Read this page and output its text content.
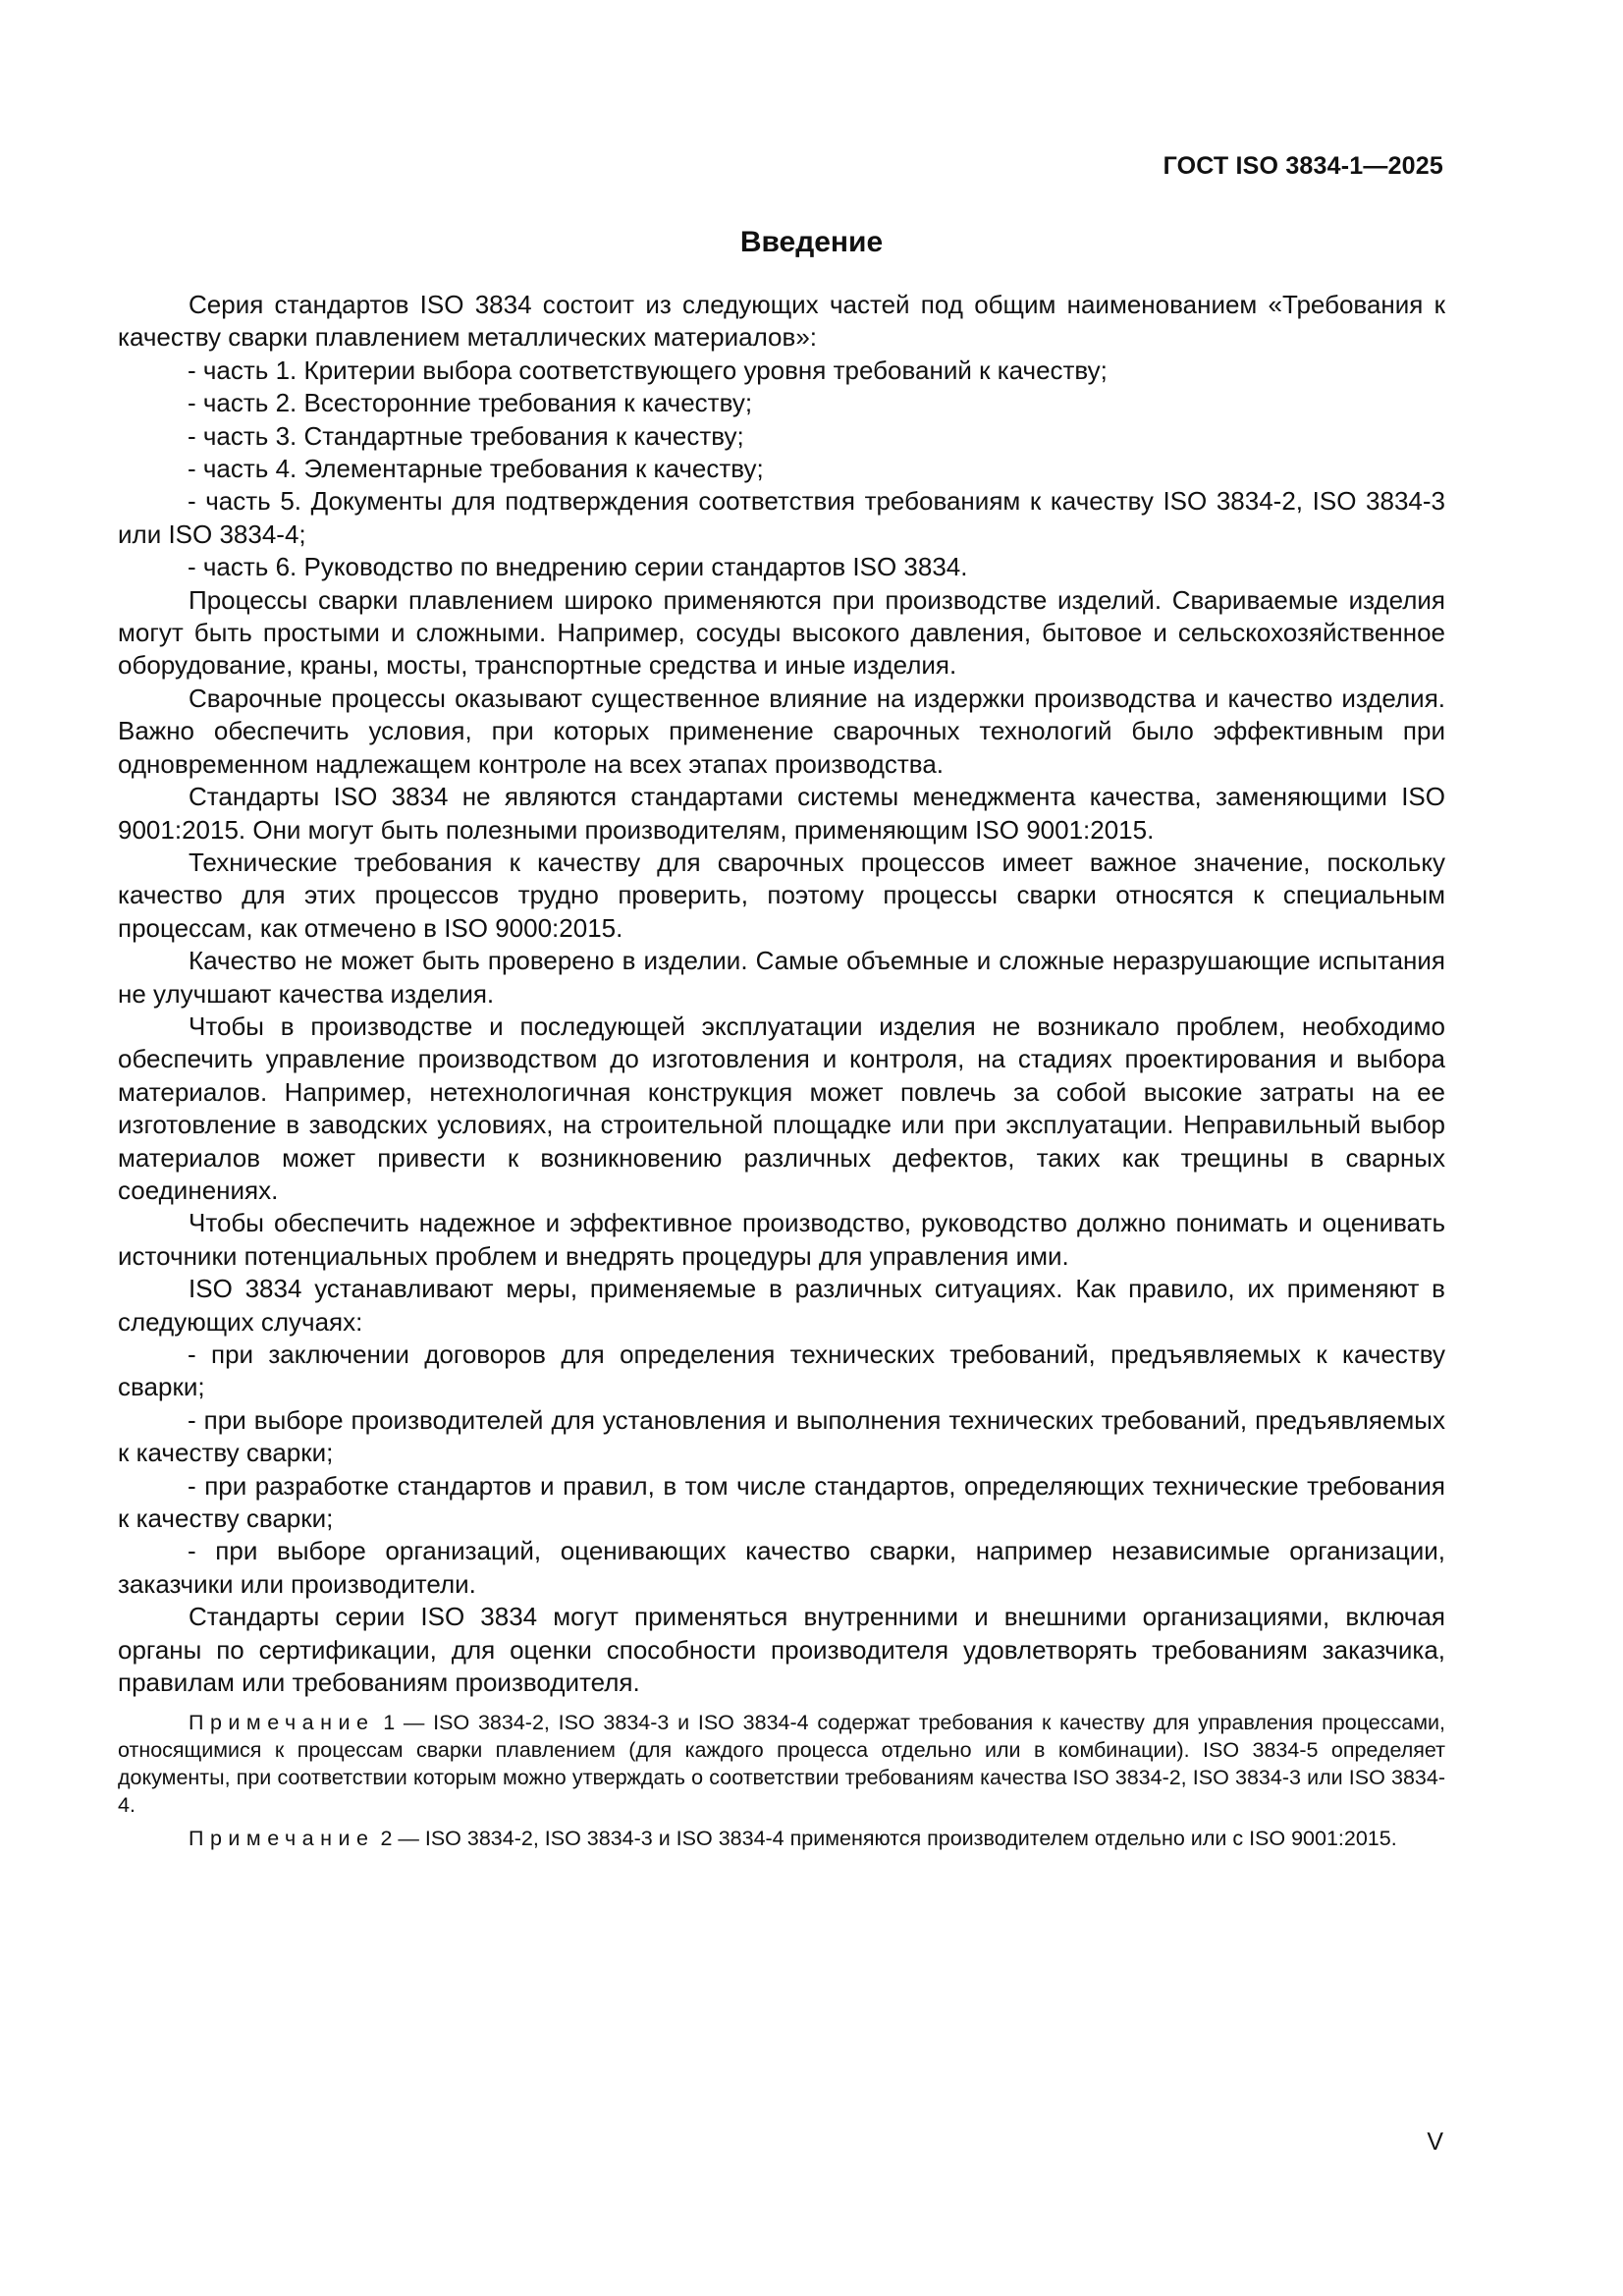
ГОСТ ISO 3834-1—2025
Введение

Серия стандартов ISO 3834 состоит из следующих частей под общим наименованием «Требования к качеству сварки плавлением металлических материалов»:

- часть 1. Критерии выбора соответствующего уровня требований к качеству;

- часть 2. Всесторонние требования к качеству;

- часть 3. Стандартные требования к качеству;

- часть 4. Элементарные требования к качеству;

- часть 5. Документы для подтверждения соответствия требованиям к качеству ISO 3834-2, ISO 3834-3 или ISO 3834-4;

- часть 6. Руководство по внедрению серии стандартов ISO 3834.

Процессы сварки плавлением широко применяются при производстве изделий. Свариваемые изделия могут быть простыми и сложными. Например, сосуды высокого давления, бытовое и сельскохозяйственное оборудование, краны, мосты, транспортные средства и иные изделия.

Сварочные процессы оказывают существенное влияние на издержки производства и качество изделия. Важно обеспечить условия, при которых применение сварочных технологий было эффективным при одновременном надлежащем контроле на всех этапах производства.

Стандарты ISO 3834 не являются стандартами системы менеджмента качества, заменяющими ISO 9001:2015. Они могут быть полезными производителям, применяющим ISO 9001:2015.

Технические требования к качеству для сварочных процессов имеет важное значение, поскольку качество для этих процессов трудно проверить, поэтому процессы сварки относятся к специальным процессам, как отмечено в ISO 9000:2015.

Качество не может быть проверено в изделии. Самые объемные и сложные неразрушающие испытания не улучшают качества изделия.

Чтобы в производстве и последующей эксплуатации изделия не возникало проблем, необходимо обеспечить управление производством до изготовления и контроля, на стадиях проектирования и выбора материалов. Например, нетехнологичная конструкция может повлечь за собой высокие затраты на ее изготовление в заводских условиях, на строительной площадке или при эксплуатации. Неправильный выбор материалов может привести к возникновению различных дефектов, таких как трещины в сварных соединениях.

Чтобы обеспечить надежное и эффективное производство, руководство должно понимать и оценивать источники потенциальных проблем и внедрять процедуры для управления ими.

ISO 3834 устанавливают меры, применяемые в различных ситуациях. Как правило, их применяют в следующих случаях:

- при заключении договоров для определения технических требований, предъявляемых к качеству сварки;

- при выборе производителей для установления и выполнения технических требований, предъявляемых к качеству сварки;

- при разработке стандартов и правил, в том числе стандартов, определяющих технические требования к качеству сварки;

- при выборе организаций, оценивающих качество сварки, например независимые организации, заказчики или производители.

Стандарты серии ISO 3834 могут применяться внутренними и внешними организациями, включая органы по сертификации, для оценки способности производителя удовлетворять требованиям заказчика, правилам или требованиям производителя.

Примечание 1 — ISO 3834-2, ISO 3834-3 и ISO 3834-4 содержат требования к качеству для управления процессами, относящимися к процессам сварки плавлением (для каждого процесса отдельно или в комбинации). ISO 3834-5 определяет документы, при соответствии которым можно утверждать о соответствии требованиям качества ISO 3834-2, ISO 3834-3 или ISO 3834-4.

Примечание 2 — ISO 3834-2, ISO 3834-3 и ISO 3834-4 применяются производителем отдельно или с ISO 9001:2015.

V
